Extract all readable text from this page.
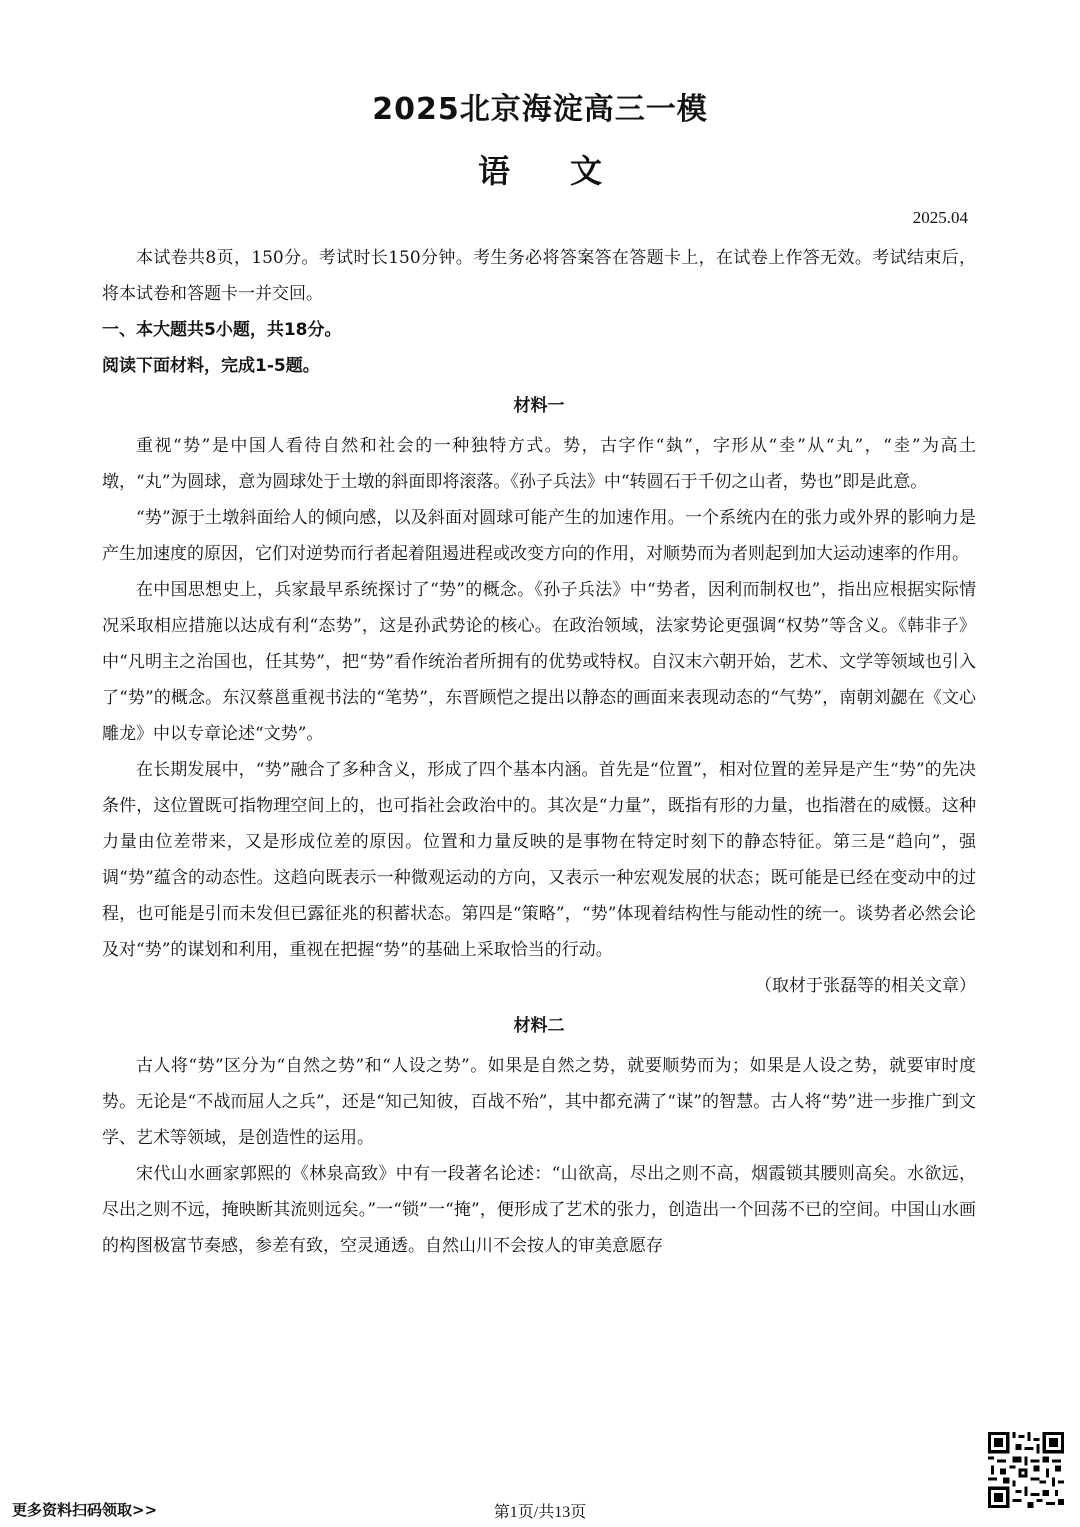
2025北京海淀高三一模
语文
2025.04

本试卷共8页，150分。考试时长150分钟。考生务必将答案答在答题卡上，在试卷上作答无效。考试结束后，将本试卷和答题卡一并交回。

一、本大题共5小题，共18分。

阅读下面材料，完成1-5题。

材料一

重视“势”是中国人看待自然和社会的一种独特方式。势，古字作“埶”，字形从“坴”从“丸”，“坴”为高土墩，“丸”为圆球，意为圆球处于土墩的斜面即将滚落。《孙子兵法》中“转圆石于千仞之山者，势也”即是此意。

“势”源于土墩斜面给人的倾向感，以及斜面对圆球可能产生的加速作用。一个系统内在的张力或外界的影响力是产生加速度的原因，它们对逆势而行者起着阻遏进程或改变方向的作用，对顺势而为者则起到加大运动速率的作用。

在中国思想史上，兵家最早系统探讨了“势”的概念。《孙子兵法》中“势者，因利而制权也”，指出应根据实际情况采取相应措施以达成有利“态势”，这是孙武势论的核心。在政治领域，法家势论更强调“权势”等含义。《韩非子》中“凡明主之治国也，任其势”，把“势”看作统治者所拥有的优势或特权。自汉末六朝开始，艺术、文学等领域也引入了“势”的概念。东汉蔡邕重视书法的“笔势”，东晋顾恺之提出以静态的画面来表现动态的“气势”，南朝刘勰在《文心雕龙》中以专章论述“文势”。

在长期发展中，“势”融合了多种含义，形成了四个基本内涵。首先是“位置”，相对位置的差异是产生“势”的先决条件，这位置既可指物理空间上的，也可指社会政治中的。其次是“力量”，既指有形的力量，也指潜在的威慑。这种力量由位差带来，又是形成位差的原因。位置和力量反映的是事物在特定时刻下的静态特征。第三是“趋向”，强调“势”蕴含的动态性。这趋向既表示一种微观运动的方向，又表示一种宏观发展的状态；既可能是已经在变动中的过程，也可能是引而未发但已露征兆的积蓄状态。第四是“策略”，“势”体现着结构性与能动性的统一。谈势者必然会论及对“势”的谋划和利用，重视在把握“势”的基础上采取恰当的行动。

（取材于张磊等的相关文章）

材料二

古人将“势”区分为“自然之势”和“人设之势”。如果是自然之势，就要顺势而为；如果是人设之势，就要审时度势。无论是“不战而屈人之兵”，还是“知己知彼，百战不殆”，其中都充满了“谋”的智慧。古人将“势”进一步推广到文学、艺术等领域，是创造性的运用。

宋代山水画家郭熙的《林泉高致》中有一段著名论述：“山欲高，尽出之则不高，烟霞锁其腰则高矣。水欲远，尽出之则不远，掩映断其流则远矣。”一“锁”一“掩”，便形成了艺术的张力，创造出一个回荡不已的空间。中国山水画的构图极富节奏感，参差有致，空灵通透。自然山川不会按人的审美意愿存

更多资料扫码领取>>	第1页/共13页
